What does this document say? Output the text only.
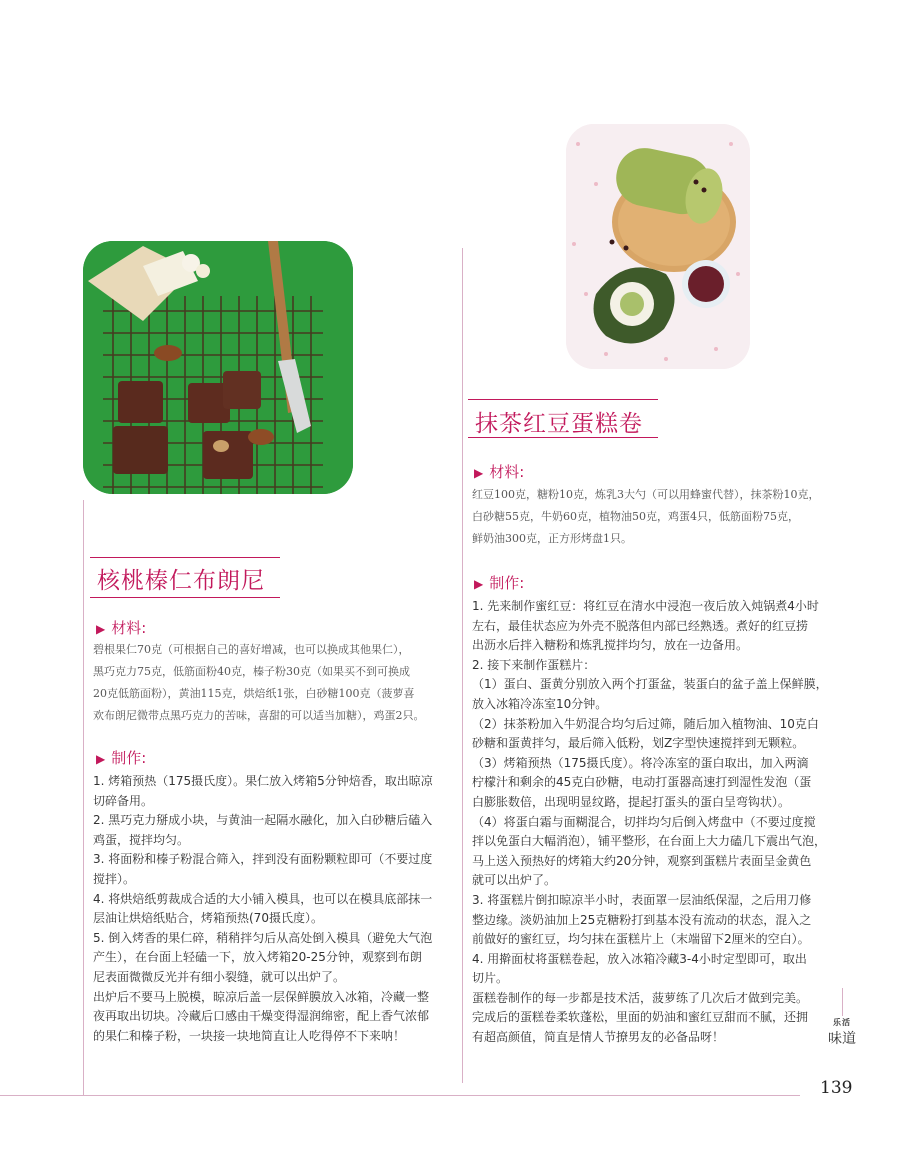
核桃榛仁布朗尼
▶ 材料:

碧根果仁70克（可根据自己的喜好增减，也可以换成其他果仁），

黑巧克力75克，低筋面粉40克，榛子粉30克（如果买不到可换成

20克低筋面粉），黄油115克，烘焙纸1张，白砂糖100克（菠萝喜

欢布朗尼微带点黑巧克力的苦味，喜甜的可以适当加糖），鸡蛋2只。

▶ 制作:

1. 烤箱预热（175摄氏度）。果仁放入烤箱5分钟焙香，取出晾凉

切碎备用。

2. 黑巧克力掰成小块，与黄油一起隔水融化，加入白砂糖后磕入

鸡蛋，搅拌均匀。

3. 将面粉和榛子粉混合筛入，拌到没有面粉颗粒即可（不要过度

搅拌）。

4. 将烘焙纸剪裁成合适的大小铺入模具，也可以在模具底部抹一

层油让烘焙纸贴合，烤箱预热(70摄氏度）。

5. 倒入烤香的果仁碎，稍稍拌匀后从高处倒入模具（避免大气泡

产生），在台面上轻磕一下，放入烤箱20-25分钟，观察到布朗

尼表面微微反光并有细小裂缝，就可以出炉了。

出炉后不要马上脱模，晾凉后盖一层保鲜膜放入冰箱，冷藏一整

夜再取出切块。冷藏后口感由干燥变得湿润绵密，配上香气浓郁

的果仁和榛子粉，一块接一块地简直让人吃得停不下来呐！

抹茶红豆蛋糕卷
▶ 材料:

红豆100克，糖粉10克，炼乳3大勺（可以用蜂蜜代替），抹茶粉10克，

白砂糖55克，牛奶60克，植物油50克，鸡蛋4只，低筋面粉75克，

鲜奶油300克，正方形烤盘1只。

▶ 制作:

1. 先来制作蜜红豆：将红豆在清水中浸泡一夜后放入炖锅煮4小时

左右，最佳状态应为外壳不脱落但内部已经熟透。煮好的红豆捞

出沥水后拌入糖粉和炼乳搅拌均匀，放在一边备用。

2. 接下来制作蛋糕片：

（1）蛋白、蛋黄分别放入两个打蛋盆，装蛋白的盆子盖上保鲜膜，

放入冰箱冷冻室10分钟。

（2）抹茶粉加入牛奶混合均匀后过筛，随后加入植物油、10克白

砂糖和蛋黄拌匀，最后筛入低粉，划Z字型快速搅拌到无颗粒。

（3）烤箱预热（175摄氏度）。将冷冻室的蛋白取出，加入两滴

柠檬汁和剩余的45克白砂糖，电动打蛋器高速打到湿性发泡（蛋

白膨胀数倍，出现明显纹路，提起打蛋头的蛋白呈弯钩状）。

（4）将蛋白霜与面糊混合，切拌均匀后倒入烤盘中（不要过度搅

拌以免蛋白大幅消泡），铺平整形，在台面上大力磕几下震出气泡，

马上送入预热好的烤箱大约20分钟，观察到蛋糕片表面呈金黄色

就可以出炉了。

3. 将蛋糕片倒扣晾凉半小时，表面罩一层油纸保湿，之后用刀修

整边缘。淡奶油加上25克糖粉打到基本没有流动的状态，混入之

前做好的蜜红豆，均匀抹在蛋糕片上（末端留下2厘米的空白）。

4. 用擀面杖将蛋糕卷起，放入冰箱冷藏3-4小时定型即可，取出

切片。

蛋糕卷制作的每一步都是技术活，菠萝练了几次后才做到完美。

完成后的蛋糕卷柔软蓬松，里面的奶油和蜜红豆甜而不腻，还拥

有超高颜值，简直是情人节撩男友的必备品呀！

乐活
味道
139
